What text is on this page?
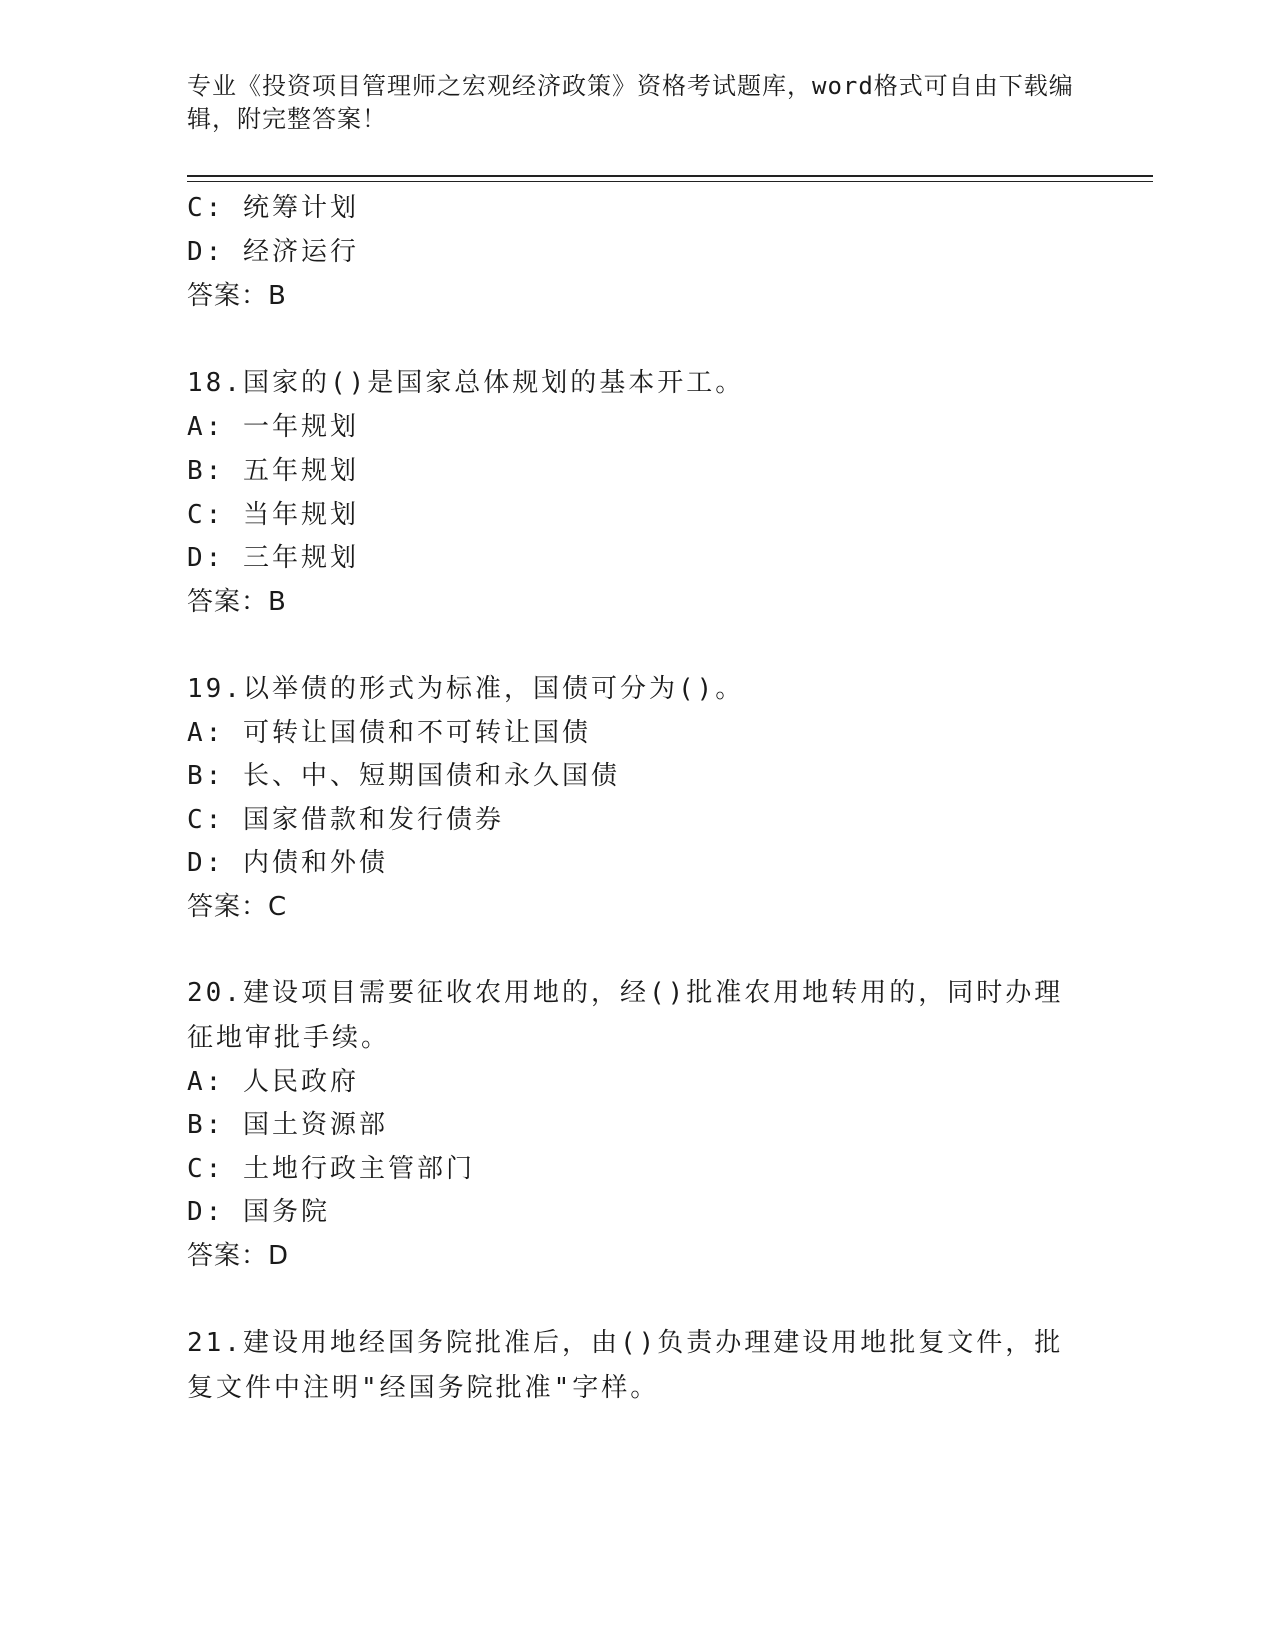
专业《投资项目管理师之宏观经济政策》资格考试题库，word格式可自由下载编辑，附完整答案！
C: 统筹计划
D: 经济运行
答案：B
18.国家的()是国家总体规划的基本开工。
A: 一年规划
B: 五年规划
C: 当年规划
D: 三年规划
答案：B
19.以举债的形式为标准，国债可分为()。
A: 可转让国债和不可转让国债
B: 长、中、短期国债和永久国债
C: 国家借款和发行债券
D: 内债和外债
答案：C
20.建设项目需要征收农用地的，经()批准农用地转用的，同时办理征地审批手续。
A: 人民政府
B: 国土资源部
C: 土地行政主管部门
D: 国务院
答案：D
21.建设用地经国务院批准后，由()负责办理建设用地批复文件，批复文件中注明"经国务院批准"字样。
